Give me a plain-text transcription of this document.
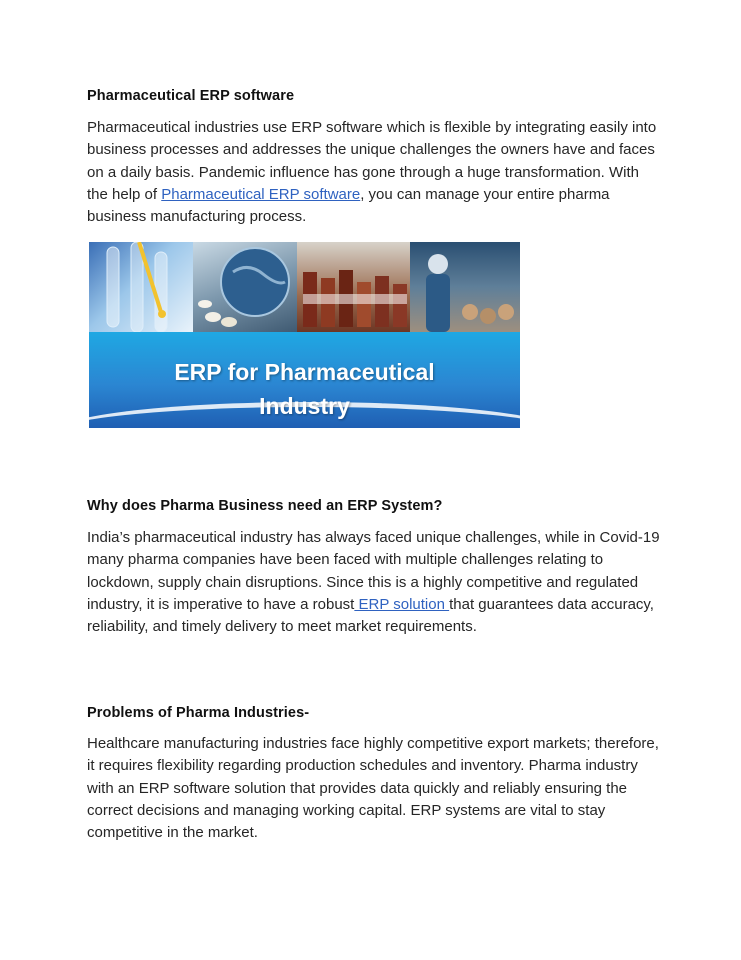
Pharmaceutical ERP software

Pharmaceutical industries use ERP software which is flexible by integrating easily into business processes and addresses the unique challenges the owners have and faces on a daily basis. Pandemic influence has gone through a huge transformation. With the help of Pharmaceutical ERP software, you can manage your entire pharma business manufacturing process.

ERP for Pharmaceutical
Industry
Why does Pharma Business need an ERP System?

India’s pharmaceutical industry has always faced unique challenges, while in Covid-19 many pharma companies have been faced with multiple challenges relating to lockdown, supply chain disruptions. Since this is a highly competitive and regulated industry, it is imperative to have a robust ERP solution that guarantees data accuracy, reliability, and timely delivery to meet market requirements.

Problems of Pharma Industries-

Healthcare manufacturing industries face highly competitive export markets; therefore, it requires flexibility regarding production schedules and inventory. Pharma industry with an ERP software solution that provides data quickly and reliably ensuring the correct decisions and managing working capital. ERP systems are vital to stay competitive in the market.
